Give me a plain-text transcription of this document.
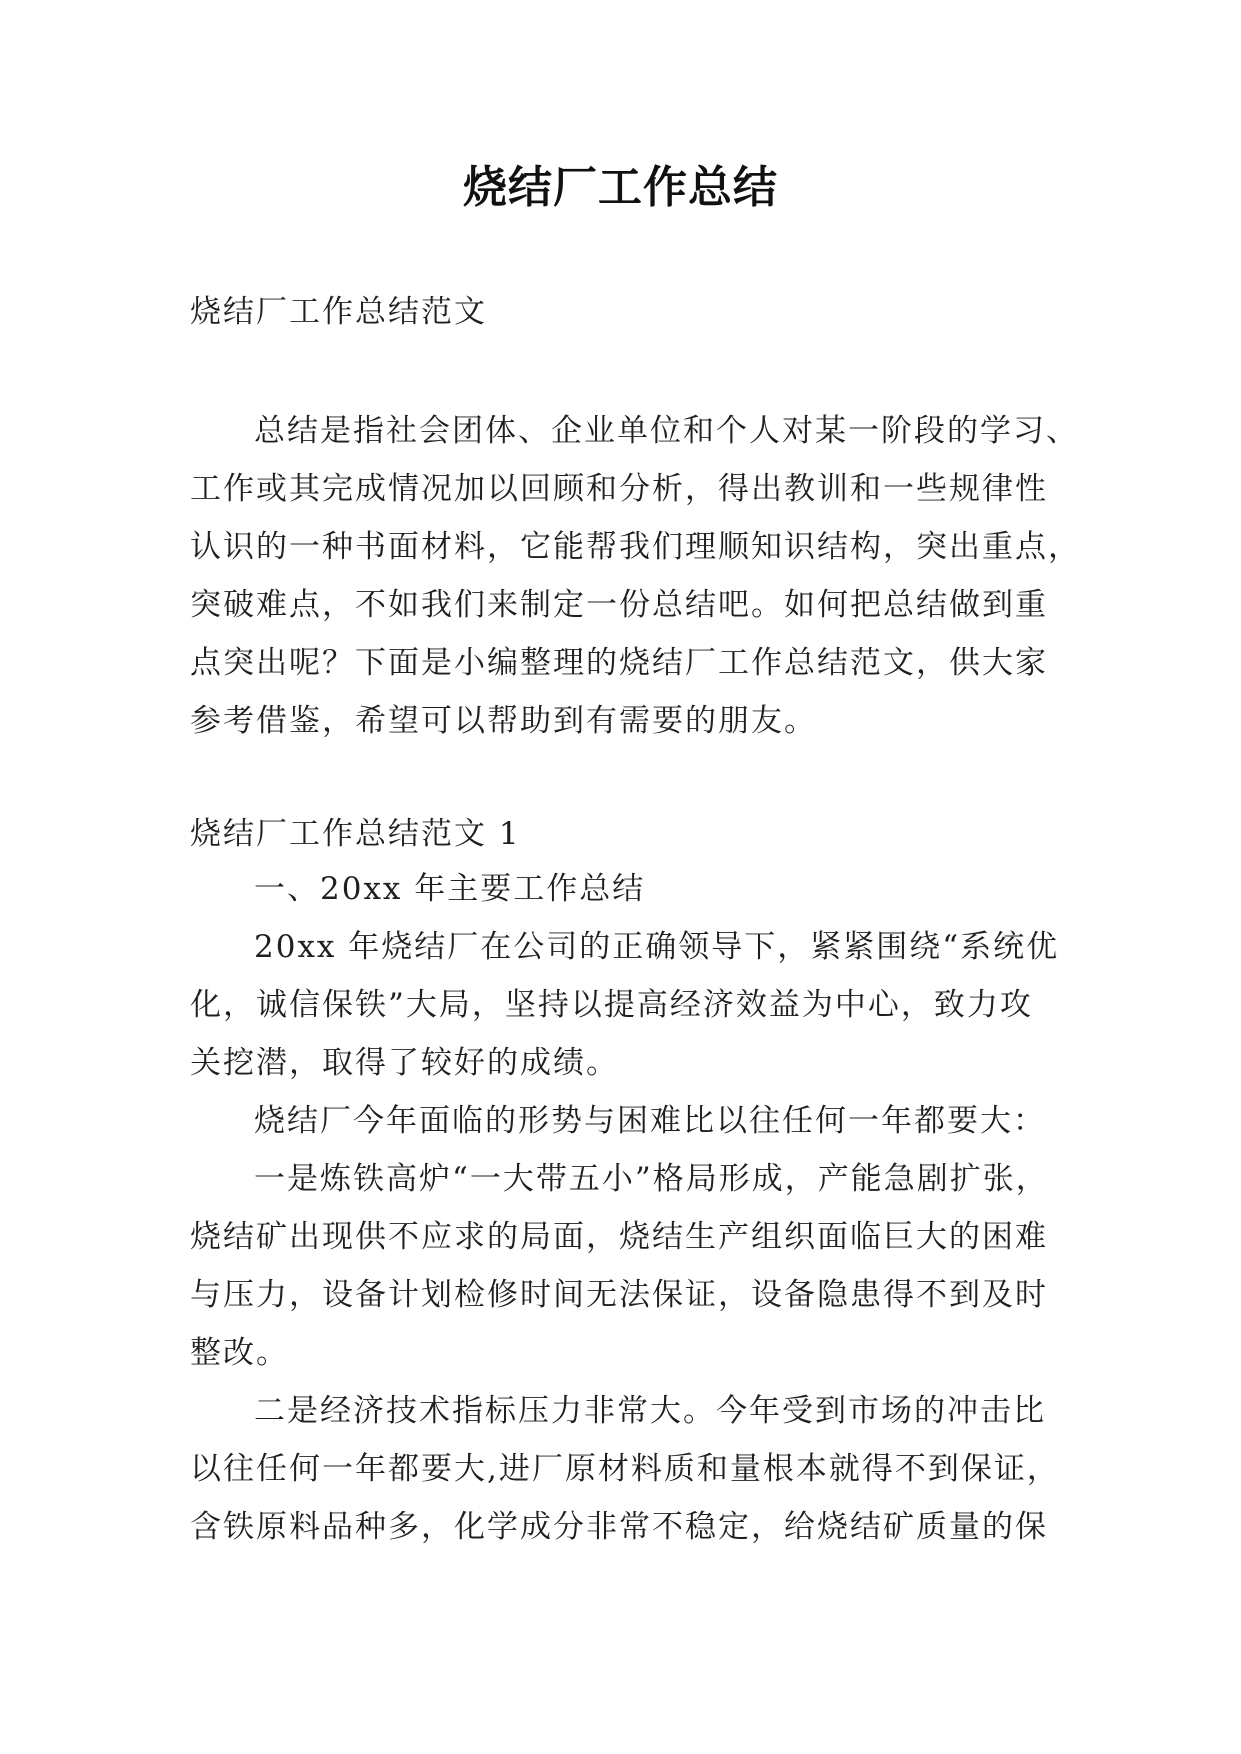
烧结厂工作总结
烧结厂工作总结范文
总结是指社会团体、企业单位和个人对某一阶段的学习、
工作或其完成情况加以回顾和分析，得出教训和一些规律性
认识的一种书面材料，它能帮我们理顺知识结构，突出重点，
突破难点，不如我们来制定一份总结吧。如何把总结做到重
点突出呢？下面是小编整理的烧结厂工作总结范文，供大家
参考借鉴，希望可以帮助到有需要的朋友。
烧结厂工作总结范文 1
一、20xx 年主要工作总结
20xx 年烧结厂在公司的正确领导下，紧紧围绕“系统优
化，诚信保铁”大局，坚持以提高经济效益为中心，致力攻
关挖潜，取得了较好的成绩。
烧结厂今年面临的形势与困难比以往任何一年都要大：
一是炼铁高炉“一大带五小”格局形成，产能急剧扩张，
烧结矿出现供不应求的局面，烧结生产组织面临巨大的困难
与压力，设备计划检修时间无法保证，设备隐患得不到及时
整改。
二是经济技术指标压力非常大。今年受到市场的冲击比
以往任何一年都要大,进厂原材料质和量根本就得不到保证，
含铁原料品种多，化学成分非常不稳定，给烧结矿质量的保
